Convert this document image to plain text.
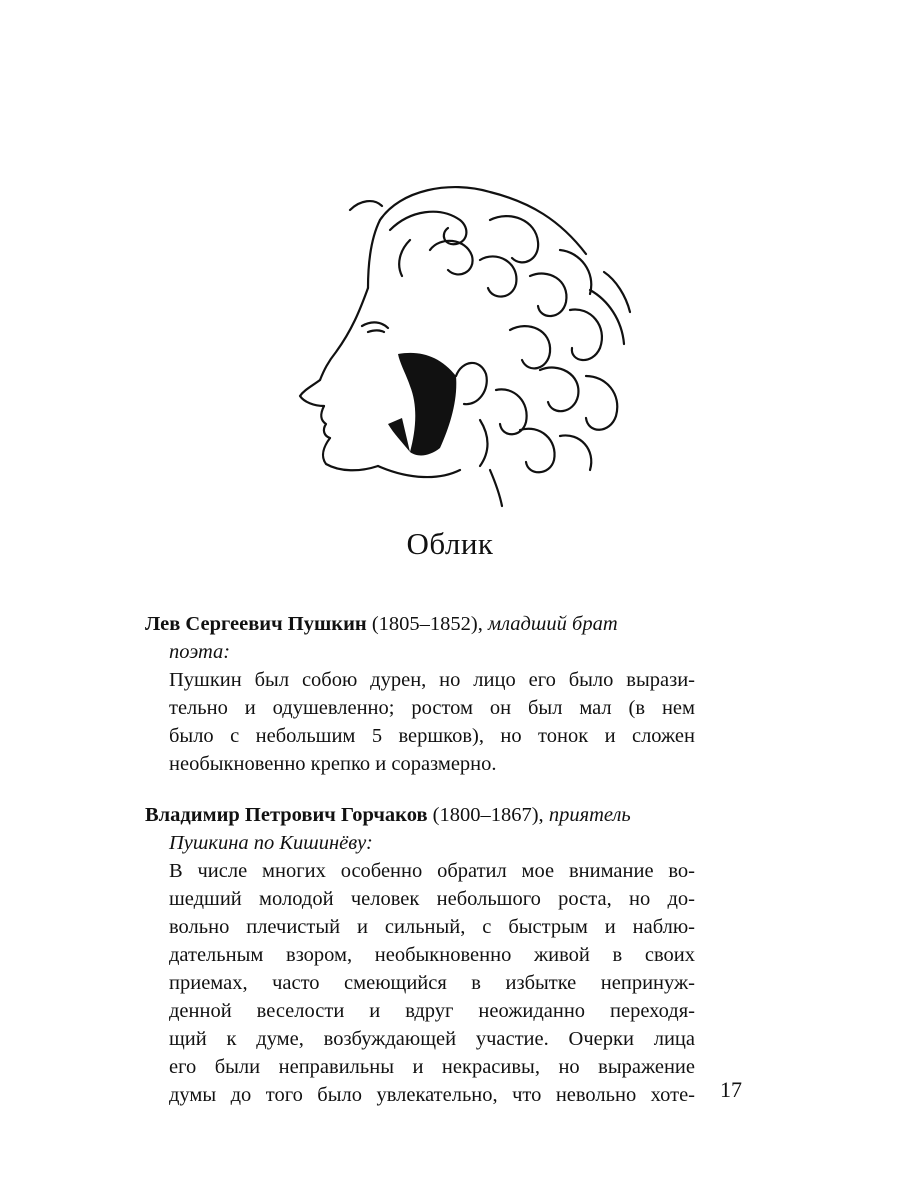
Облик
Лев Сергеевич Пушкин (1805–1852), младший брат
поэта:
Пушкин был собою дурен, но лицо его было вырази-
тельно и одушевленно; ростом он был мал (в нем
было с небольшим 5 вершков), но тонок и сложен
необыкновенно крепко и соразмерно.
Владимир Петрович Горчаков (1800–1867), приятель
Пушкина по Кишинёву:
В числе многих особенно обратил мое внимание во-
шедший молодой человек небольшого роста, но до-
вольно плечистый и сильный, с быстрым и наблю-
дательным взором, необыкновенно живой в своих
приемах, часто смеющийся в избытке непринуж-
денной веселости и вдруг неожиданно переходя-
щий к думе, возбуждающей участие. Очерки лица
его были неправильны и некрасивы, но выражение
думы до того было увлекательно, что невольно хоте- 17
